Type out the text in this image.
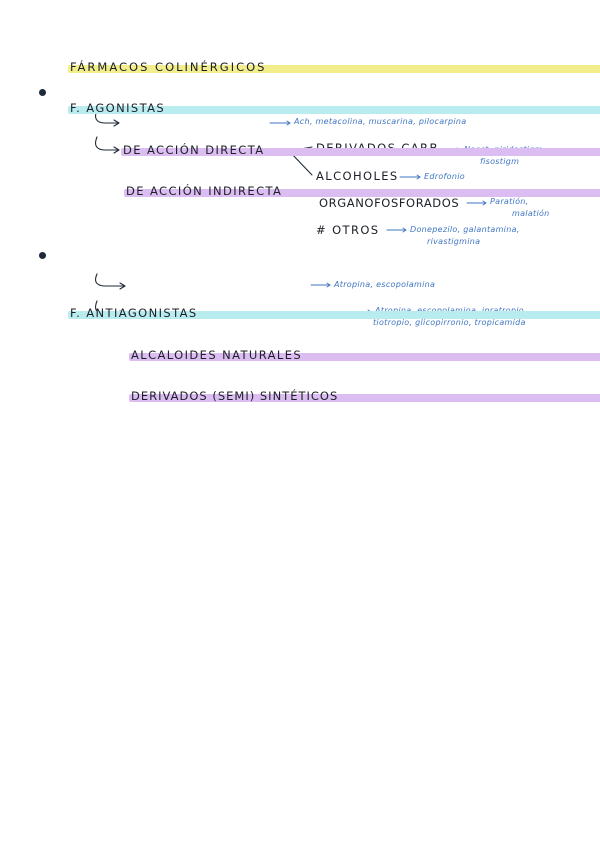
FÁRMACOS COLINÉRGICOS
F. AGONISTAS
DE ACCIÓN DIRECTA
Ach, metacolina, muscarina, pilocarpina
DE ACCIÓN INDIRECTA
DERIVADOS CARB.	Neost, piridostigm,
fisostigm
ALCOHOLES	Edrofonio
ORGANOFOSFORADOS	Paratión,
malatión
# OTROS	Donepezilo, galantamina,
rivastigmina
F. ANTIAGONISTAS
ALCALOIDES NATURALES
Atropina, escopolamina
DERIVADOS (SEMI) SINTÉTICOS
Atropina, escopolamina, ipratropio,
tiotropio, glicopirronio, tropicamida
